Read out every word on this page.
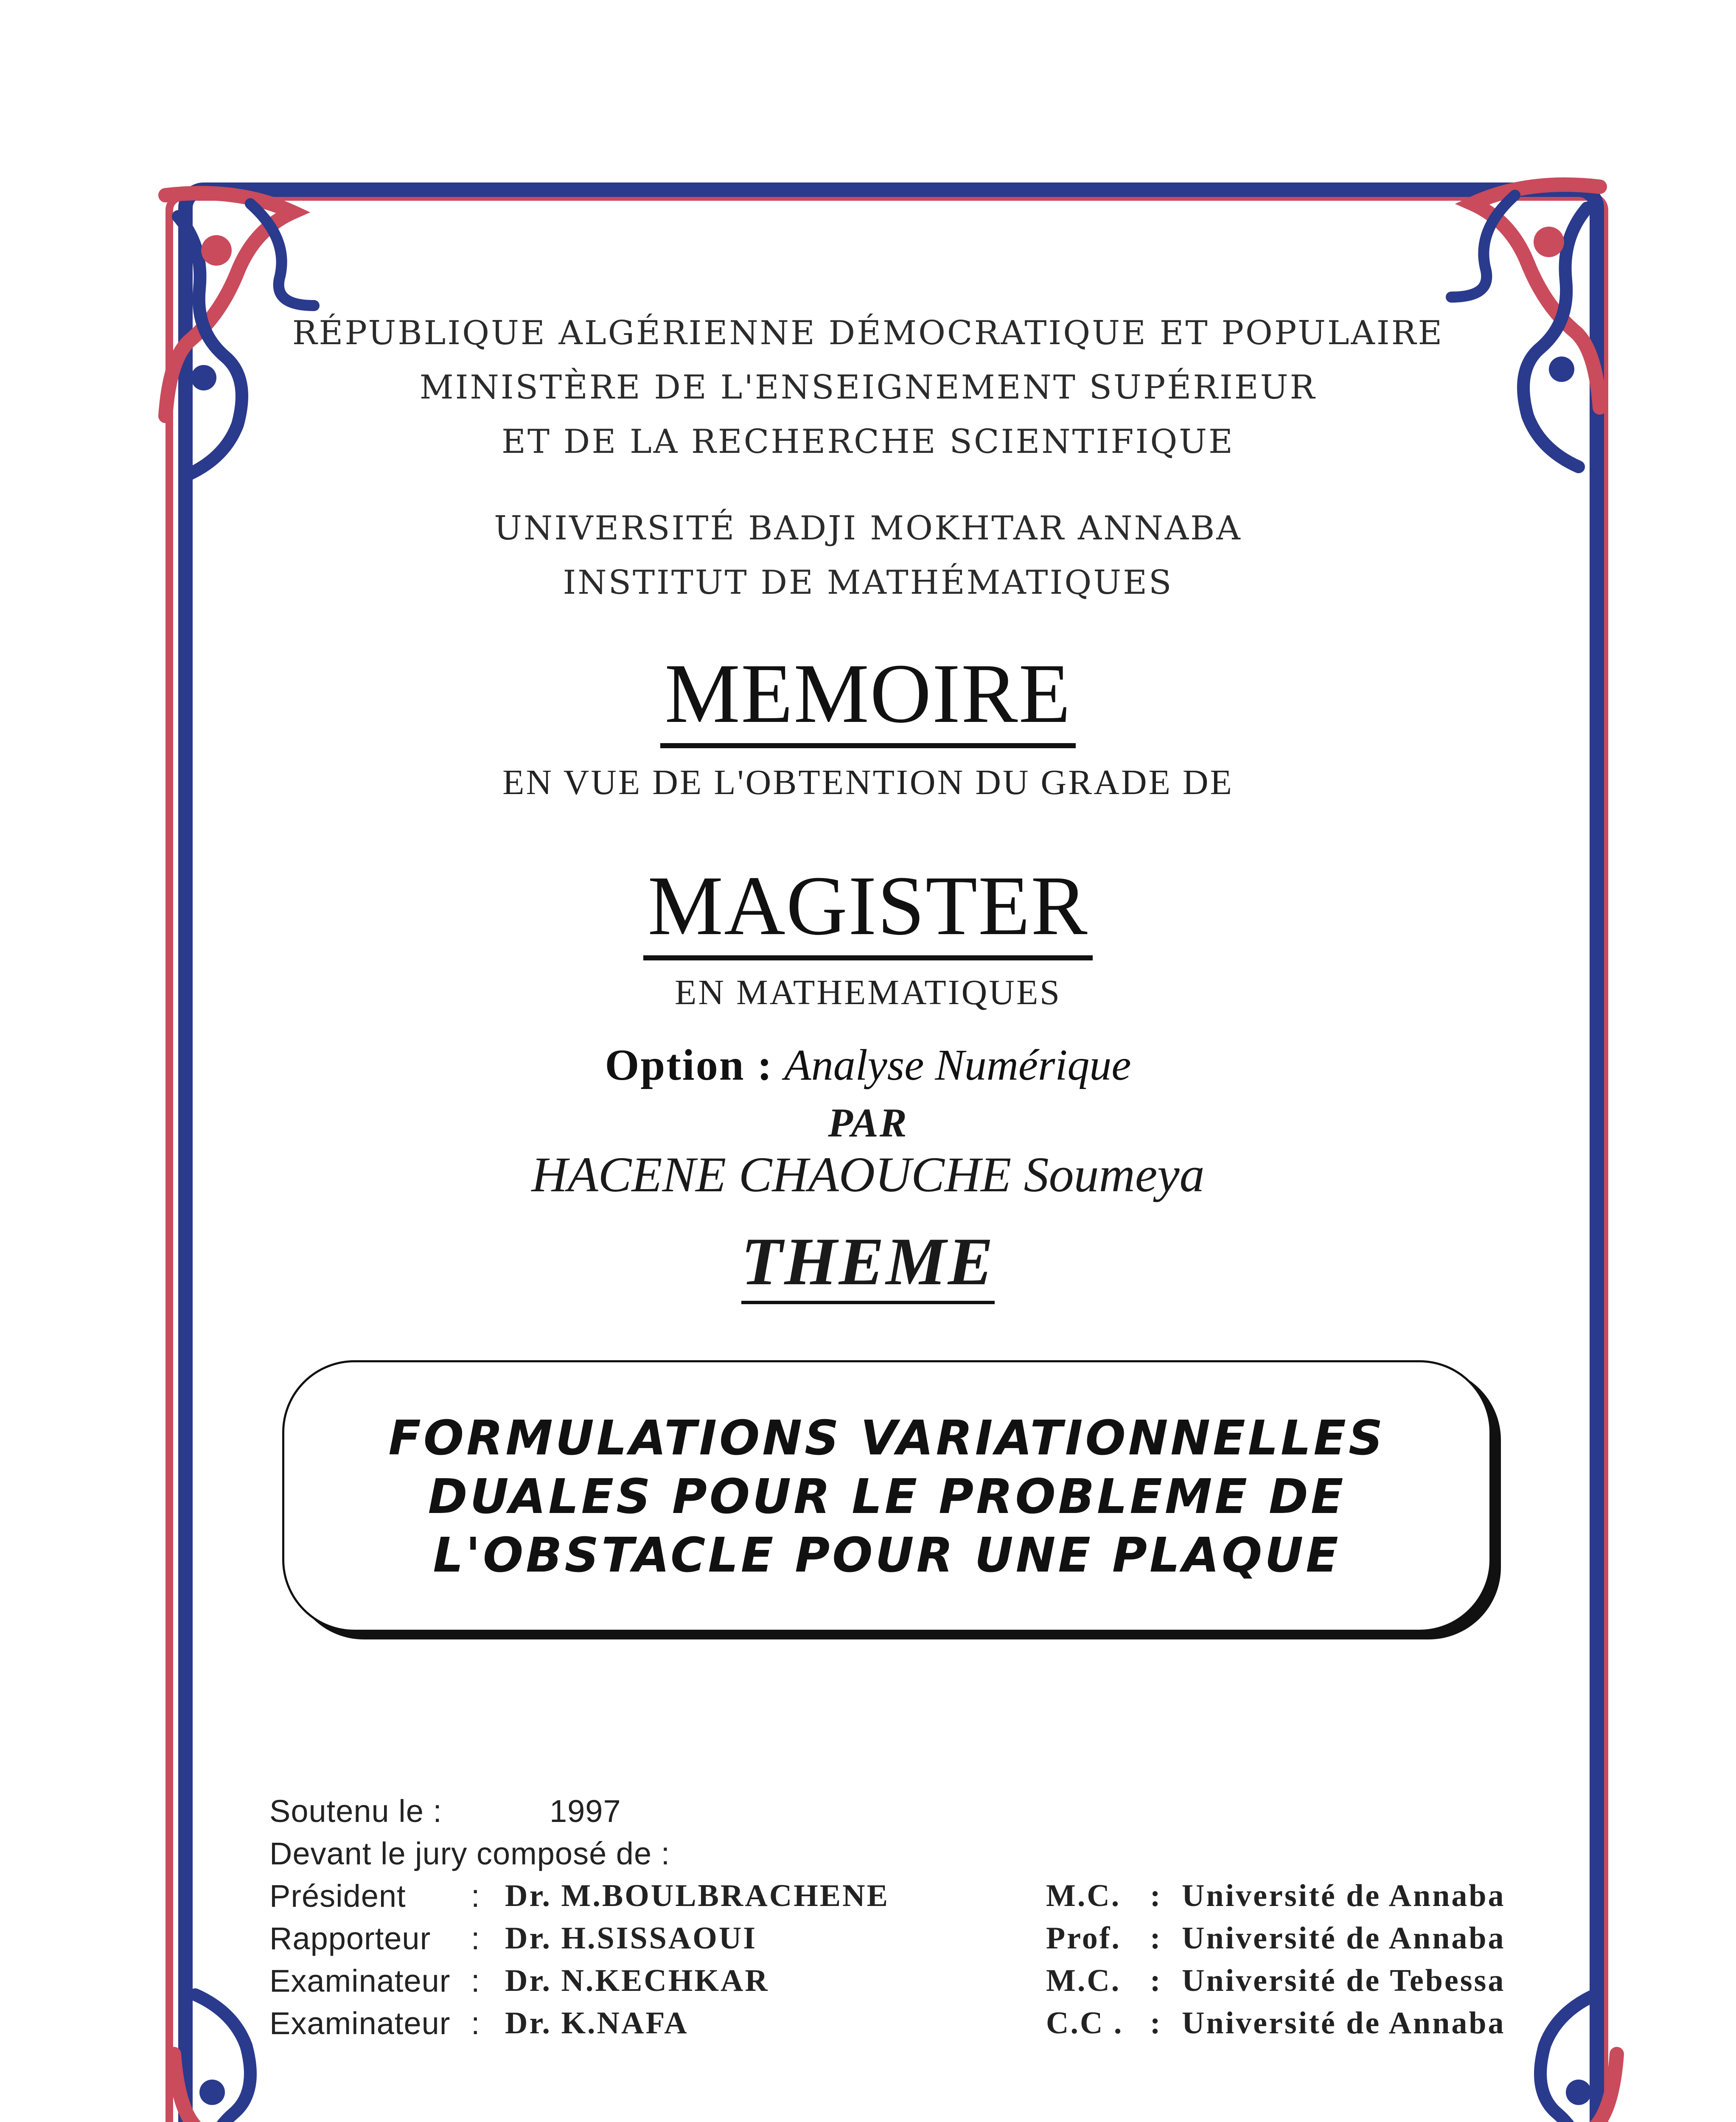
RÉPUBLIQUE ALGÉRIENNE DÉMOCRATIQUE ET POPULAIRE
MINISTÈRE DE L'ENSEIGNEMENT SUPÉRIEUR
ET DE LA RECHERCHE SCIENTIFIQUE
UNIVERSITÉ BADJI MOKHTAR ANNABA
INSTITUT DE MATHÉMATIQUES
MEMOIRE
EN VUE DE L'OBTENTION DU GRADE DE
MAGISTER
EN MATHEMATIQUES
Option : Analyse Numérique
PAR
HACENE CHAOUCHE Soumeya
THEME
FORMULATIONS VARIATIONNELLES
DUALES POUR LE PROBLEME DE
L'OBSTACLE POUR UNE PLAQUE
Soutenu le :	1997
Devant le jury composé de :
Président : Dr. M.BOULBRACHENE	M.C. : Université de Annaba
Rapporteur : Dr. H.SISSAOUI	Prof. : Université de Annaba
Examinateur : Dr. N.KECHKAR	M.C. : Université de Tebessa
Examinateur : Dr. K.NAFA	C.C . : Université de Annaba
